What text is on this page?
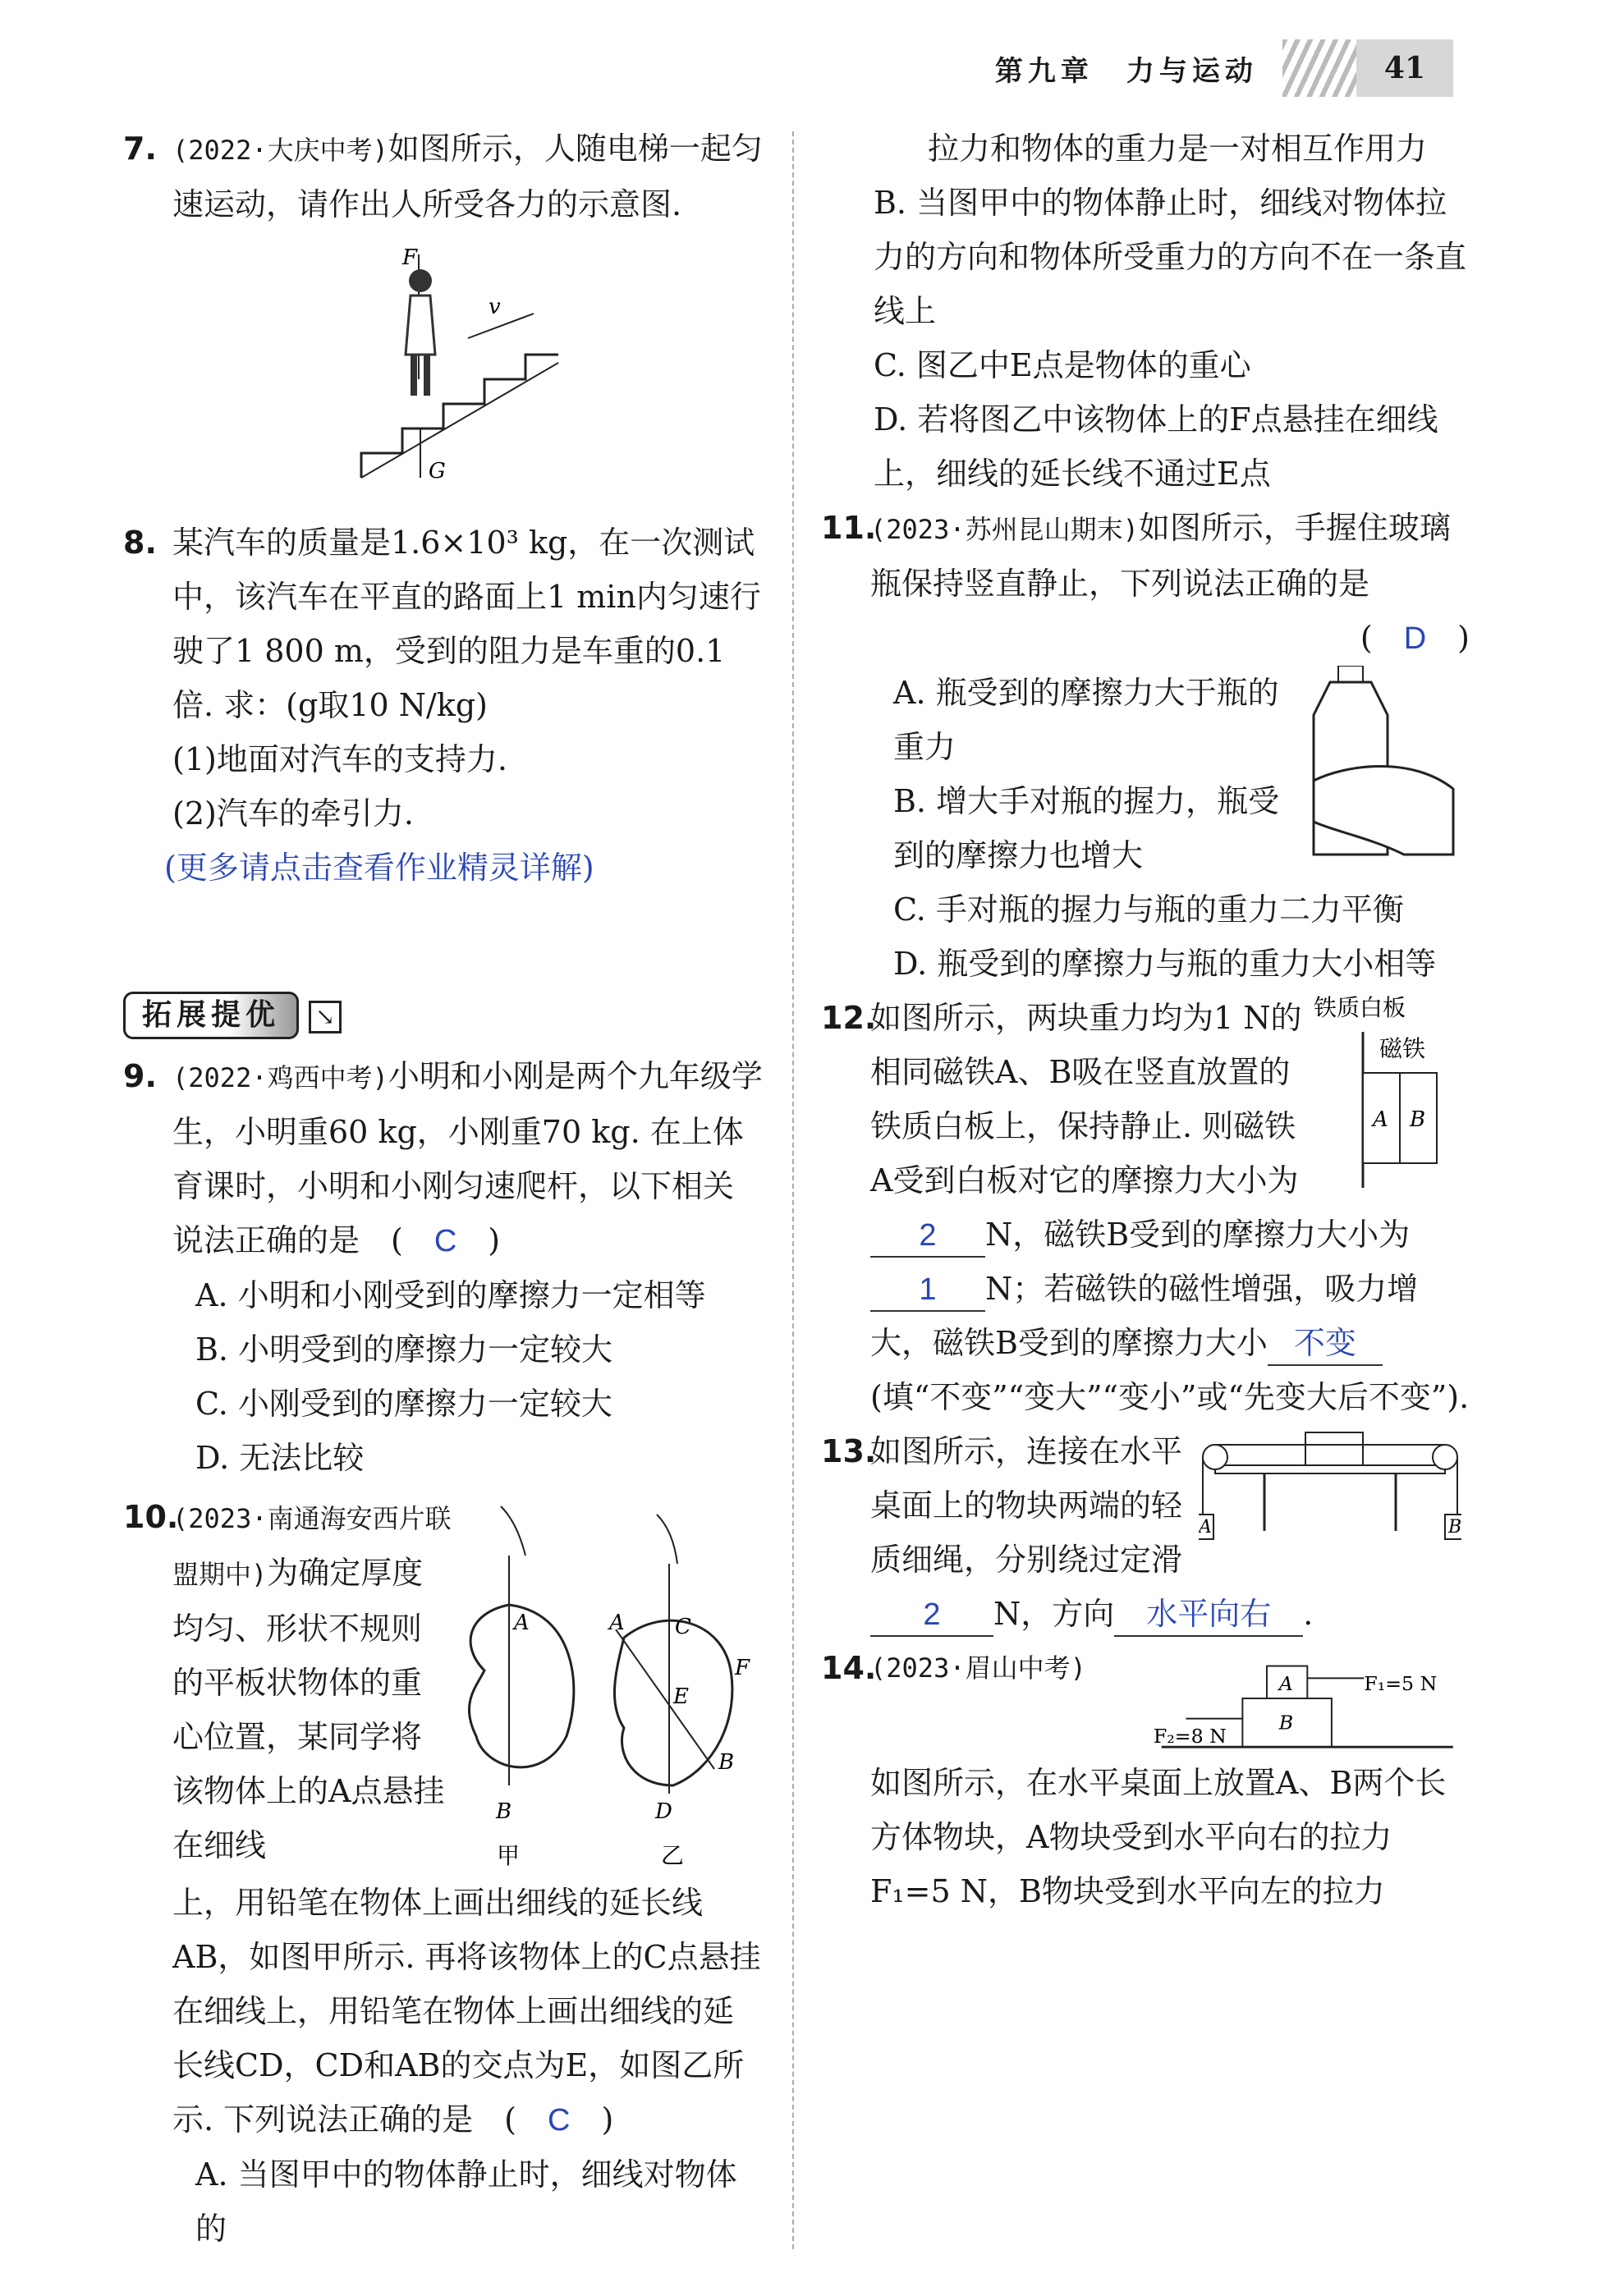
第九章　力与运动	41
7. (2022·大庆中考)如图所示，人随电梯一起匀速运动，请作出人所受各力的示意图.

F
v
G
8. 某汽车的质量是1.6×10³ kg，在一次测试中，该汽车在平直的路面上1 min内匀速行驶了1 800 m，受到的阻力是车重的0.1倍. 求：(g取10 N/kg)

(1)地面对汽车的支持力.

(2)汽车的牵引力.

(更多请点击查看作业精灵详解)

拓展提优 ↘
9. (2022·鸡西中考)小明和小刚是两个九年级学生，小明重60 kg，小刚重70 kg. 在上体育课时，小明和小刚匀速爬杆，以下相关说法正确的是　(　C　)

A. 小明和小刚受到的摩擦力一定相等

B. 小明受到的摩擦力一定较大

C. 小刚受到的摩擦力一定较大

D. 无法比较

10.

(2023·南通海安西片联盟期中)为确定厚度均匀、形状不规则的平板状物体的重心位置，某同学将该物体上的A点悬挂在细线

A
B
甲
A C
E
F
B
D
乙

上，用铅笔在物体上画出细线的延长线AB，如图甲所示. 再将该物体上的C点悬挂在细线上，用铅笔在物体上画出细线的延长线CD，CD和AB的交点为E，如图乙所示. 下列说法正确的是　(　C　)

A. 当图甲中的物体静止时，细线对物体的

拉力和物体的重力是一对相互作用力

B. 当图甲中的物体静止时，细线对物体拉力的方向和物体所受重力的方向不在一条直线上

C. 图乙中E点是物体的重心

D. 若将图乙中该物体上的F点悬挂在细线上，细线的延长线不通过E点

11.

(2023·苏州昆山期末)如图所示，手握住玻璃瓶保持竖直静止，下列说法正确的是

(　D　)

A. 瓶受到的摩擦力大于瓶的重力

B. 增大手对瓶的握力，瓶受到的摩擦力也增大

C. 手对瓶的握力与瓶的重力二力平衡

D. 瓶受到的摩擦力与瓶的重力大小相等

12.

如图所示，两块重力均为1 N的相同磁铁A、B吸在竖直放置的铁质白板上，保持静止. 则磁铁A受到白板对它的摩擦力大小为

铁质白板
磁铁
A B

2 N，磁铁B受到的摩擦力大小为1 N；若磁铁的磁性增强，吸力增大，磁铁B受到的摩擦力大小 不变(填“不变”“变大”“变小”或“先变大后不变”).

13.

如图所示，连接在水平桌面上的物块两端的轻质细绳，分别绕过定滑

A	B

2 N，方向 水平向右 .

14.

(2023·眉山中考)

A
B
F₁=5 N
F₂=8 N

如图所示，在水平桌面上放置A、B两个长方体物块，A物块受到水平向右的拉力F₁=5 N，B物块受到水平向左的拉力
